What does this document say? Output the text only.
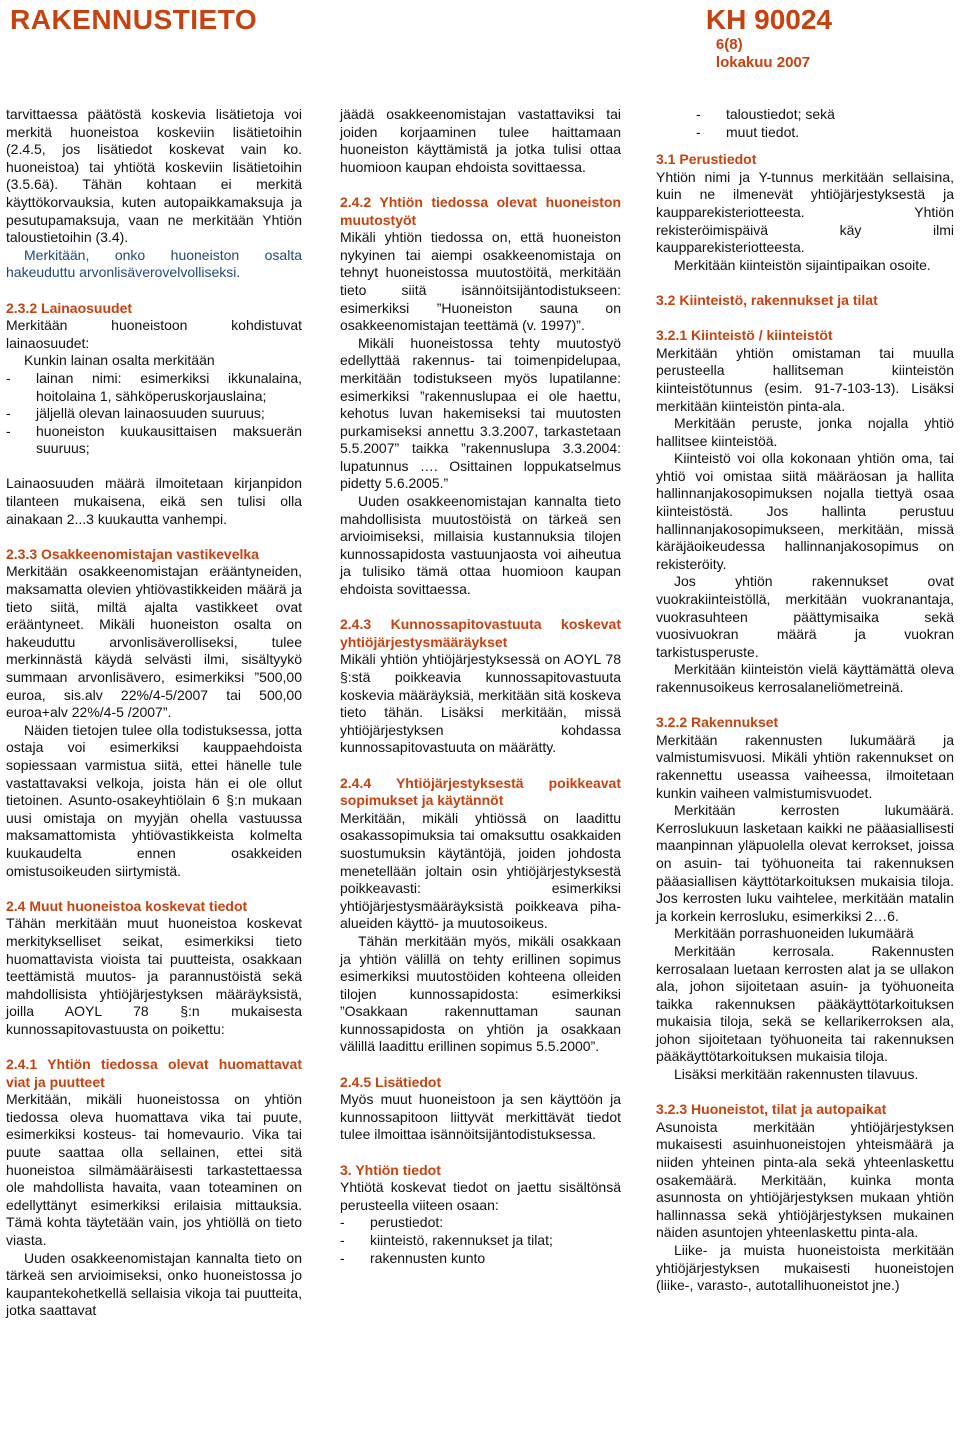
RAKENNUSTIETO	KH 90024
6(8)
lokakuu 2007

tarvittaessa päätöstä koskevia lisätietoja voi merkitä huoneistoa koskeviin lisätietoihin (2.4.5, jos lisätiedot koskevat vain ko. huoneistoa) tai yhtiötä koskeviin lisätietoihin (3.5.6ä). Tähän kohtaan ei merkitä käyttökorvauksia, kuten autopaikkamaksuja ja pesutupamaksuja, vaan ne merkitään Yhtiön taloustietoihin (3.4).

Merkitään, onko huoneiston osalta hakeuduttu arvonlisäverovelvolliseksi.

2.3.2 Lainaosuudet

Merkitään huoneistoon kohdistuvat lainaosuudet:

Kunkin lainan osalta merkitään

-	lainan nimi: esimerkiksi ikkunalaina, hoitolaina 1, sähköperuskorjauslaina;
-	jäljellä olevan lainaosuuden suuruus;
-	huoneiston kuukausittaisen maksuerän suuruus;

Lainaosuuden määrä ilmoitetaan kirjanpidon tilanteen mukaisena, eikä sen tulisi olla ainakaan 2...3 kuukautta vanhempi.

2.3.3 Osakkeenomistajan vastikevelka

Merkitään osakkeenomistajan erääntyneiden, maksamatta olevien yhtiövastikkeiden määrä ja tieto siitä, miltä ajalta vastikkeet ovat erääntyneet. Mikäli huoneiston osalta on hakeuduttu arvonlisäverolliseksi, tulee merkinnästä käydä selvästi ilmi, sisältyykö summaan arvonlisävero, esimerkiksi ”500,00 euroa, sis.alv 22%/4-5/2007 tai 500,00 euroa+alv 22%/4-5 /2007”.

Näiden tietojen tulee olla todistuksessa, jotta ostaja voi esimerkiksi kauppaehdoista sopiessaan varmistua siitä, ettei hänelle tule vastattavaksi velkoja, joista hän ei ole ollut tietoinen. Asunto-osakeyhtiölain 6 §:n mukaan uusi omistaja on myyjän ohella vastuussa maksamattomista yhtiövastikkeista kolmelta kuukaudelta ennen osakkeiden omistusoikeuden siirtymistä.

2.4 Muut huoneistoa koskevat tiedot

Tähän merkitään muut huoneistoa koskevat merkitykselliset seikat, esimerkiksi tieto huomattavista vioista tai puutteista, osakkaan teettämistä muutos- ja parannustöistä sekä mahdollisista yhtiöjärjestyksen määräyksistä, joilla AOYL 78 §:n mukaisesta kunnossapitovastuusta on poikettu:

2.4.1 Yhtiön tiedossa olevat huomattavat viat ja puutteet

Merkitään, mikäli huoneistossa on yhtiön tiedossa oleva huomattava vika tai puute, esimerkiksi kosteus- tai homevaurio. Vika tai puute saattaa olla sellainen, ettei sitä huoneistoa silmämääräisesti tarkastettaessa ole mahdollista havaita, vaan toteaminen on edellyttänyt esimerkiksi erilaisia mittauksia. Tämä kohta täytetään vain, jos yhtiöllä on tieto viasta.

Uuden osakkeenomistajan kannalta tieto on tärkeä sen arvioimiseksi, onko huoneistossa jo kaupantekohetkellä sellaisia vikoja tai puutteita, jotka saattavat

jäädä osakkeenomistajan vastattaviksi tai joiden korjaaminen tulee haittamaan huoneiston käyttämistä ja jotka tulisi ottaa huomioon kaupan ehdoista sovittaessa.

2.4.2 Yhtiön tiedossa olevat huoneiston muutostyöt

Mikäli yhtiön tiedossa on, että huoneiston nykyinen tai aiempi osakkeenomistaja on tehnyt huoneistossa muutostöitä, merkitään tieto siitä isännöitsijäntodistukseen: esimerkiksi ”Huoneiston sauna on osakkeenomistajan teettämä (v. 1997)”.

Mikäli huoneistossa tehty muutostyö edellyttää rakennus- tai toimenpidelupaa, merkitään todistukseen myös lupatilanne: esimerkiksi ”rakennuslupaa ei ole haettu, kehotus luvan hakemiseksi tai muutosten purkamiseksi annettu 3.3.2007, tarkastetaan 5.5.2007” taikka ”rakennuslupa 3.3.2004: lupatunnus …. Osittainen loppukatselmus pidetty 5.6.2005.”

Uuden osakkeenomistajan kannalta tieto mahdollisista muutostöistä on tärkeä sen arvioimiseksi, millaisia kustannuksia tilojen kunnossapidosta vastuunjaosta voi aiheutua ja tulisiko tämä ottaa huomioon kaupan ehdoista sovittaessa.

2.4.3 Kunnossapitovastuuta koskevat yhtiöjärjestysmääräykset

Mikäli yhtiön yhtiöjärjestyksessä on AOYL 78 §:stä poikkeavia kunnossapitovastuuta koskevia määräyksiä, merkitään sitä koskeva tieto tähän. Lisäksi merkitään, missä yhtiöjärjestyksen kohdassa kunnossapitovastuuta on määrätty.

2.4.4 Yhtiöjärjestyksestä poikkeavat sopimukset ja käytännöt

Merkitään, mikäli yhtiössä on laadittu osakassopimuksia tai omaksuttu osakkaiden suostumuksin käytäntöjä, joiden johdosta menetellään joltain osin yhtiöjärjestyksestä poikkeavasti: esimerkiksi yhtiöjärjestysmääräyksistä poikkeava piha-alueiden käyttö- ja muutosoikeus.

Tähän merkitään myös, mikäli osakkaan ja yhtiön välillä on tehty erillinen sopimus esimerkiksi muutostöiden kohteena olleiden tilojen kunnossapidosta: esimerkiksi ”Osakkaan rakennuttaman saunan kunnossapidosta on yhtiön ja osakkaan välillä laadittu erillinen sopimus 5.5.2000”.

2.4.5 Lisätiedot

Myös muut huoneistoon ja sen käyttöön ja kunnossapitoon liittyvät merkittävät tiedot tulee ilmoittaa isännöitsijäntodistuksessa.

3. Yhtiön tiedot

Yhtiötä koskevat tiedot on jaettu sisältönsä perusteella viiteen osaan:

-	perustiedot:
-	kiinteistö, rakennukset ja tilat;
-	rakennusten kunto
-	taloustiedot; sekä
-	muut tiedot.

3.1 Perustiedot

Yhtiön nimi ja Y-tunnus merkitään sellaisina, kuin ne ilmenevät yhtiöjärjestyksestä ja kaupparekisteriotteesta. Yhtiön rekisteröimispäivä käy ilmi kaupparekisteriotteesta.

Merkitään kiinteistön sijaintipaikan osoite.

3.2 Kiinteistö, rakennukset ja tilat

3.2.1 Kiinteistö / kiinteistöt

Merkitään yhtiön omistaman tai muulla perusteella hallitseman kiinteistön kiinteistötunnus (esim. 91-7-103-13). Lisäksi merkitään kiinteistön pinta-ala.

Merkitään peruste, jonka nojalla yhtiö hallitsee kiinteistöä.

Kiinteistö voi olla kokonaan yhtiön oma, tai yhtiö voi omistaa siitä määräosan ja hallita hallinnanjakosopimuksen nojalla tiettyä osaa kiinteistöstä. Jos hallinta perustuu hallinnanjakosopimukseen, merkitään, missä käräjäoikeudessa hallinnanjakosopimus on rekisteröity.

Jos yhtiön rakennukset ovat vuokrakiinteistöllä, merkitään vuokranantaja, vuokrasuhteen päättymisaika sekä vuosivuokran määrä ja vuokran tarkistusperuste.

Merkitään kiinteistön vielä käyttämättä oleva rakennusoikeus kerrosalaneliömetreinä.

3.2.2 Rakennukset

Merkitään rakennusten lukumäärä ja valmistumisvuosi. Mikäli yhtiön rakennukset on rakennettu useassa vaiheessa, ilmoitetaan kunkin vaiheen valmistumisvuodet.

Merkitään kerrosten lukumäärä. Kerroslukuun lasketaan kaikki ne pääasiallisesti maanpinnan yläpuolella olevat kerrokset, joissa on asuin- tai työhuoneita tai rakennuksen pääasiallisen käyttötarkoituksen mukaisia tiloja. Jos kerrosten luku vaihtelee, merkitään matalin ja korkein kerrosluku, esimerkiksi 2…6.

Merkitään porrashuoneiden lukumäärä

Merkitään kerrosala. Rakennusten kerrosalaan luetaan kerrosten alat ja se ullakon ala, johon sijoitetaan asuin- ja työhuoneita taikka rakennuksen pääkäyttötarkoituksen mukaisia tiloja, sekä se kellarikerroksen ala, johon sijoitetaan työhuoneita tai rakennuksen pääkäyttötarkoituksen mukaisia tiloja.

Lisäksi merkitään rakennusten tilavuus.

3.2.3 Huoneistot, tilat ja autopaikat

Asunoista merkitään yhtiöjärjestyksen mukaisesti asuinhuoneistojen yhteismäärä ja niiden yhteinen pinta-ala sekä yhteenlaskettu osakemäärä. Merkitään, kuinka monta asunnosta on yhtiöjärjestyksen mukaan yhtiön hallinnassa sekä yhtiöjärjestyksen mukainen näiden asuntojen yhteenlaskettu pinta-ala.

Liike- ja muista huoneistoista merkitään yhtiöjärjestyksen mukaisesti huoneistojen (liike-, varasto-, autotallihuoneistot jne.)
